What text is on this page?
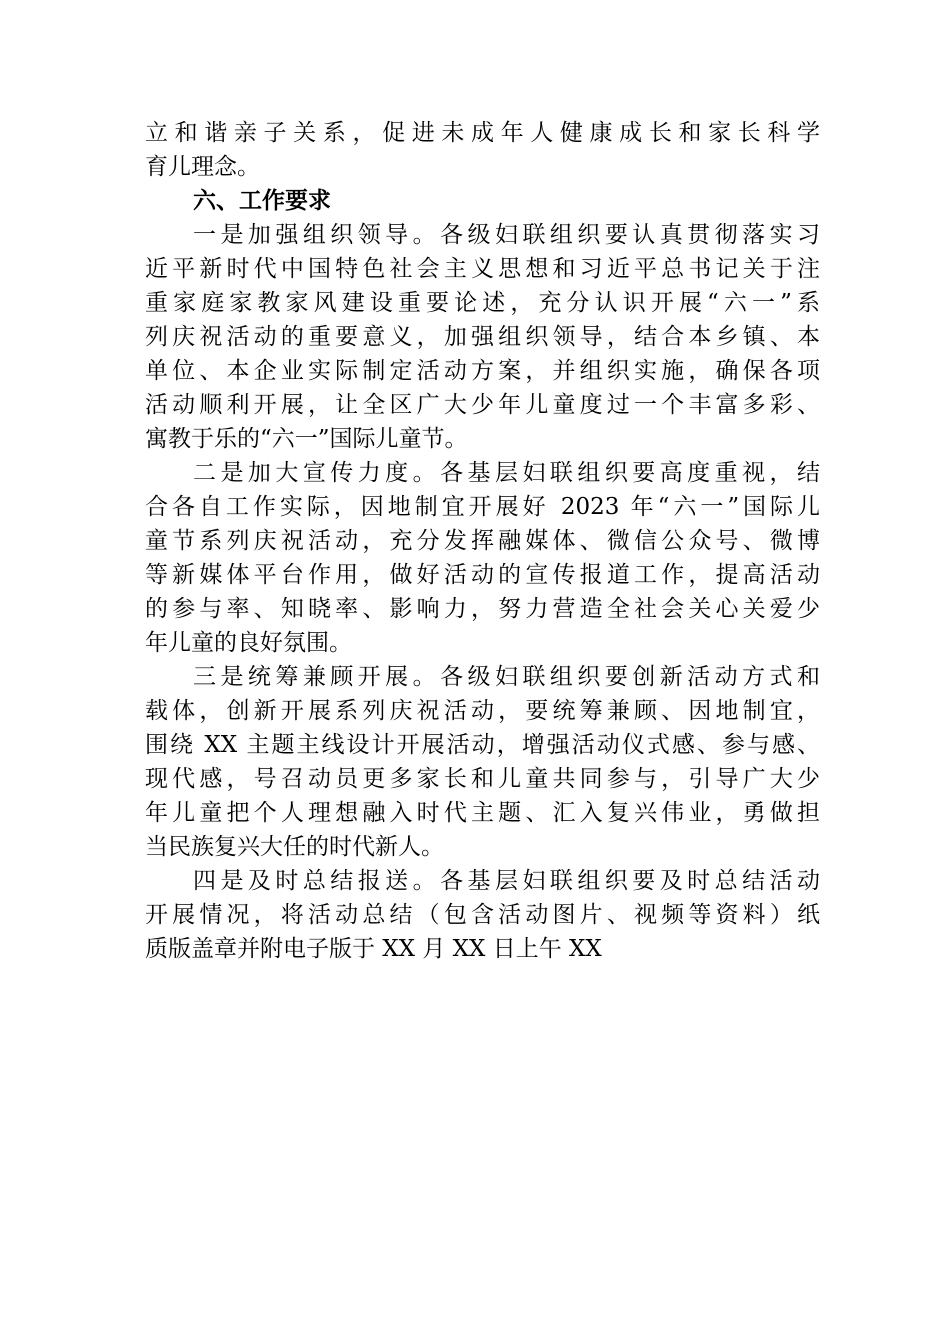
立和谐亲子关系，促进未成年人健康成长和家长科学
育儿理念。
六、工作要求
一是加强组织领导。各级妇联组织要认真贯彻落实习
近平新时代中国特色社会主义思想和习近平总书记关于注
重家庭家教家风建设重要论述，充分认识开展“六一”系
列庆祝活动的重要意义，加强组织领导，结合本乡镇、本
单位、本企业实际制定活动方案，并组织实施，确保各项
活动顺利开展，让全区广大少年儿童度过一个丰富多彩、
寓教于乐的“六一”国际儿童节。
二是加大宣传力度。各基层妇联组织要高度重视，结
合各自工作实际，因地制宜开展好 2023 年“六一”国际儿
童节系列庆祝活动，充分发挥融媒体、微信公众号、微博
等新媒体平台作用，做好活动的宣传报道工作，提高活动
的参与率、知晓率、影响力，努力营造全社会关心关爱少
年儿童的良好氛围。
三是统筹兼顾开展。各级妇联组织要创新活动方式和
载体，创新开展系列庆祝活动，要统筹兼顾、因地制宜，
围绕 XX 主题主线设计开展活动，增强活动仪式感、参与感、
现代感，号召动员更多家长和儿童共同参与，引导广大少
年儿童把个人理想融入时代主题、汇入复兴伟业，勇做担
当民族复兴大任的时代新人。
四是及时总结报送。各基层妇联组织要及时总结活动
开展情况，将活动总结（包含活动图片、视频等资料）纸
质版盖章并附电子版于 XX 月 XX 日上午 XX
